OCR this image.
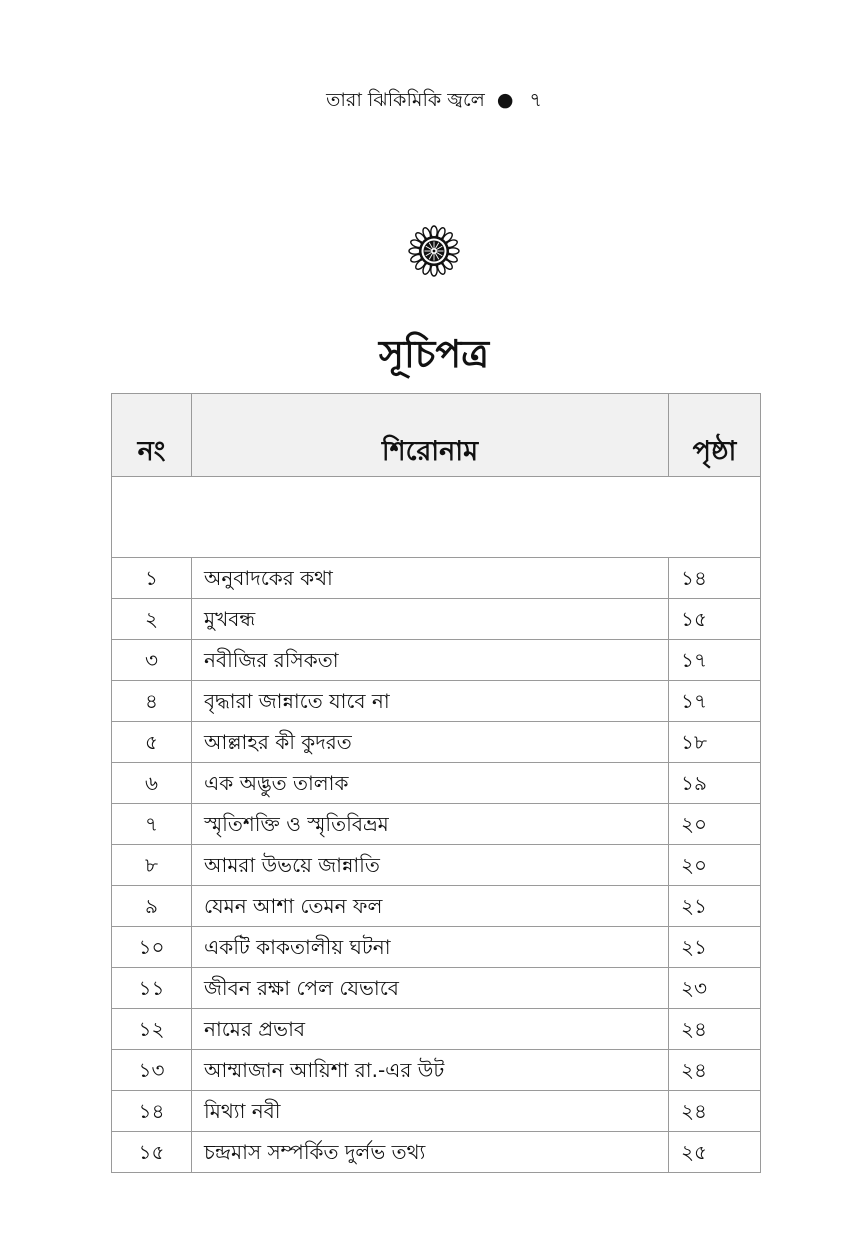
তারা ঝিকিমিকি জ্বলে ● ৭
সূচিপত্র
নং	শিরোনাম	পৃষ্ঠা

১	অনুবাদকের কথা	১৪
২	মুখবন্ধ	১৫
৩	নবীজির রসিকতা	১৭
৪	বৃদ্ধারা জান্নাতে যাবে না	১৭
৫	আল্লাহর কী কুদরত	১৮
৬	এক অদ্ভুত তালাক	১৯
৭	স্মৃতিশক্তি ও স্মৃতিবিভ্রম	২০
৮	আমরা উভয়ে জান্নাতি	২০
৯	যেমন আশা তেমন ফল	২১
১০	একটি কাকতালীয় ঘটনা	২১
১১	জীবন রক্ষা পেল যেভাবে	২৩
১২	নামের প্রভাব	২৪
১৩	আম্মাজান আয়িশা রা.-এর উট	২৪
১৪	মিথ্যা নবী	২৪
১৫	চন্দ্রমাস সম্পর্কিত দুর্লভ তথ্য	২৫
